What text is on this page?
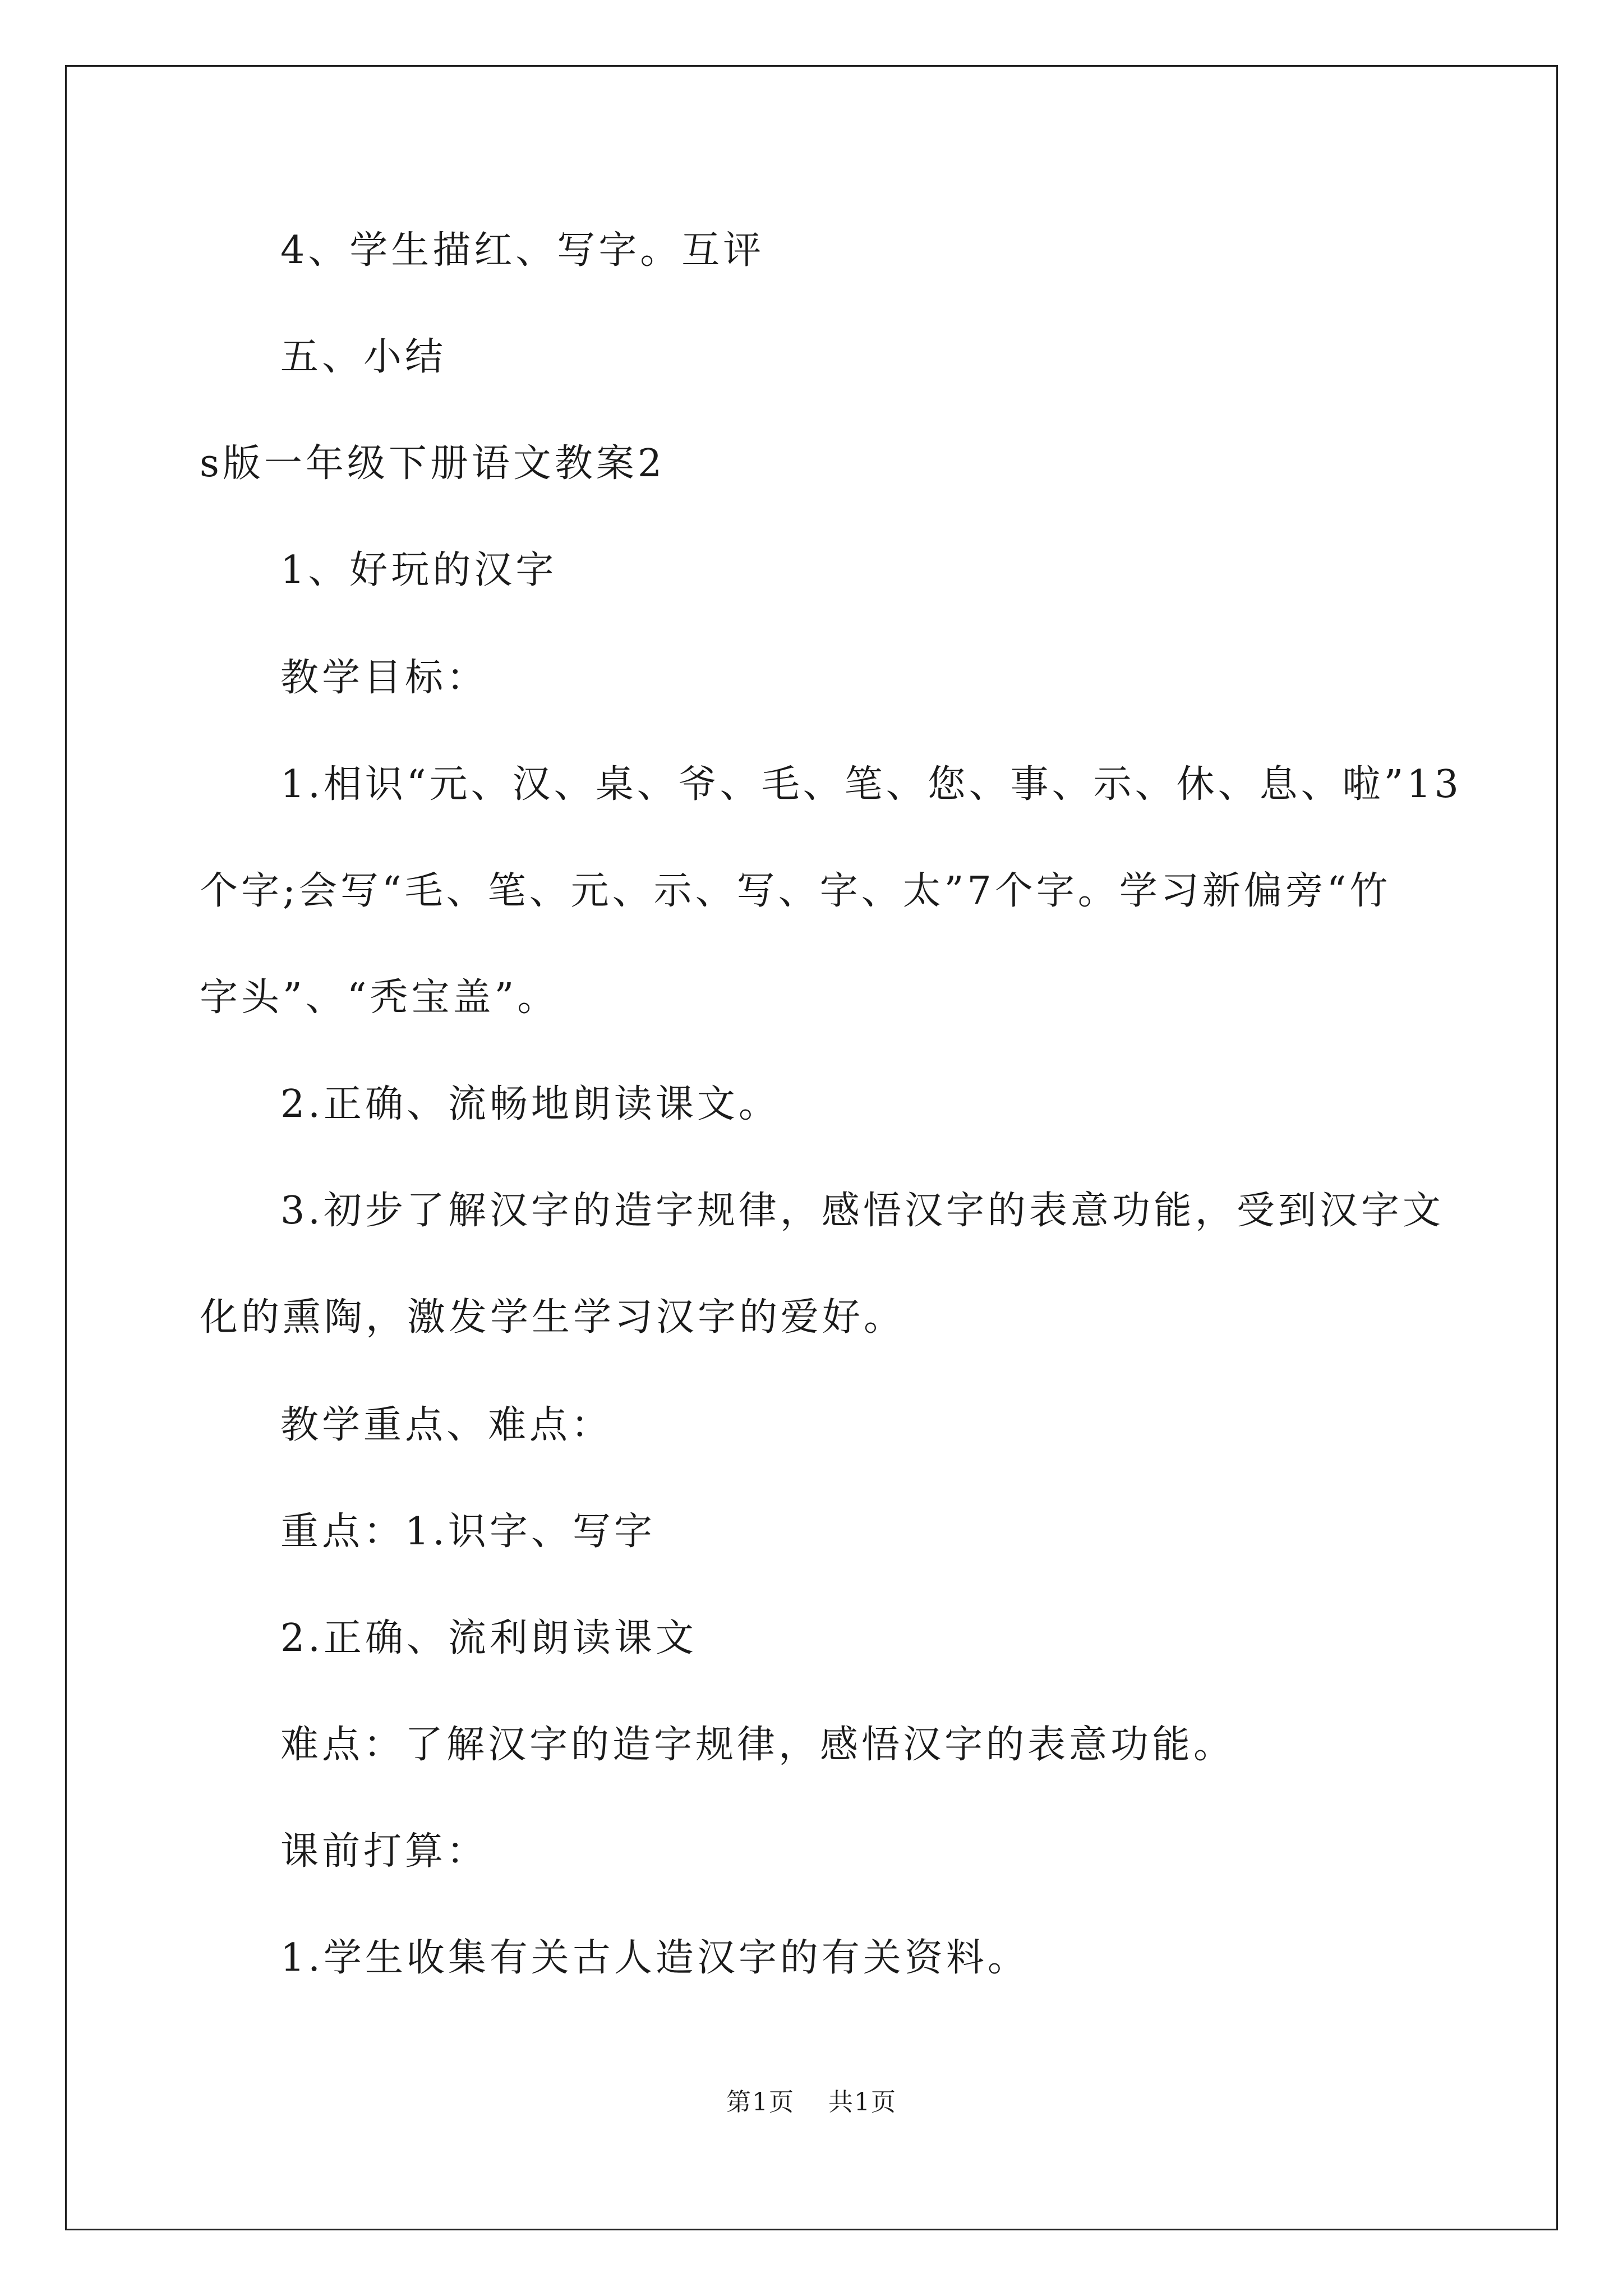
4、学生描红、写字。互评
五、小结
s版一年级下册语文教案2
1、好玩的汉字
教学目标：
1.相识“元、汉、桌、爷、毛、笔、您、事、示、休、息、啦”13
个字;会写“毛、笔、元、示、写、字、太”7个字。学习新偏旁“竹
字头”、“秃宝盖”。
2.正确、流畅地朗读课文。
3.初步了解汉字的造字规律，感悟汉字的表意功能，受到汉字文
化的熏陶，激发学生学习汉字的爱好。
教学重点、难点：
重点：1.识字、写字
2.正确、流利朗读课文
难点：了解汉字的造字规律，感悟汉字的表意功能。
课前打算：
1.学生收集有关古人造汉字的有关资料。
第1页 共1页
